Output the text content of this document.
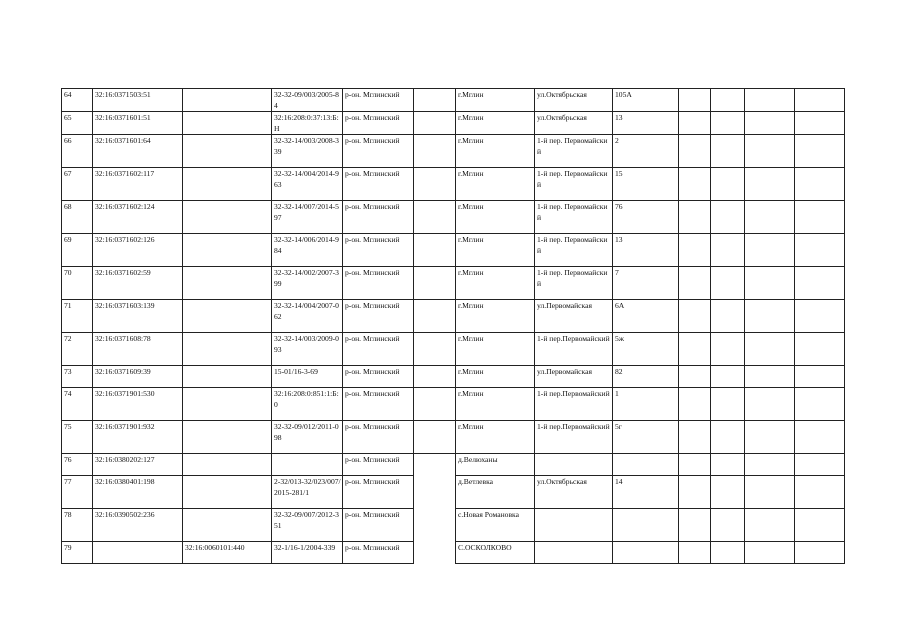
64	32:16:0371503:51		32-32-09/003/2005-84	р-он. Мглинский		г.Мглин	ул.Октябрьская	105А				
65	32:16:0371601:51		32:16:208:0:37:13:Б:Н	р-он. Мглинский		г.Мглин	ул.Октябрьская	13				
66	32:16:0371601:64		32-32-14/003/2008-339	р-он. Мглинский		г.Мглин	1-й пер. Первомайский	2				
67	32:16:0371602:117		32-32-14/004/2014-963	р-он. Мглинский		г.Мглин	1-й пер. Первомайский	15				
68	32:16:0371602:124		32-32-14/007/2014-597	р-он. Мглинский		г.Мглин	1-й пер. Первомайский	76				
69	32:16:0371602:126		32-32-14/006/2014-984	р-он. Мглинский		г.Мглин	1-й пер. Первомайский	13				
70	32:16:0371602:59		32-32-14/002/2007-399	р-он. Мглинский		г.Мглин	1-й пер. Первомайский	7				
71	32:16:0371603:139		32-32-14/004/2007-062	р-он. Мглинский		г.Мглин	ул.Первомайская	6А				
72	32:16:0371608:78		32-32-14/003/2009-093	р-он. Мглинский		г.Мглин	1-й пер.Первомайский	5ж				
73	32:16:0371609:39		15-01/16-3-69	р-он. Мглинский		г.Мглин	ул.Первомайская	82				
74	32:16:0371901:530		32:16:208:0:851:1:Б:0	р-он. Мглинский		г.Мглин	1-й пер.Первомайский	1				
75	32:16:0371901:932		32-32-09/012/2011-098	р-он. Мглинский		г.Мглин	1-й пер.Первомайский	5г				
76	32:16:0380202:127			р-он. Мглинский		д.Велюханы						
77	32:16:0380401:198		2-32/013-32/023/007/2015-281/1	р-он. Мглинский		д.Ветлевка	ул.Октябрьская	14				
78	32:16:0390502:236		32-32-09/007/2012-351	р-он. Мглинский		с.Новая Романовка						
79		32:16:0060101:440	32-1/16-1/2004-339	р-он. Мглинский		С.ОСКОЛКОВО						
